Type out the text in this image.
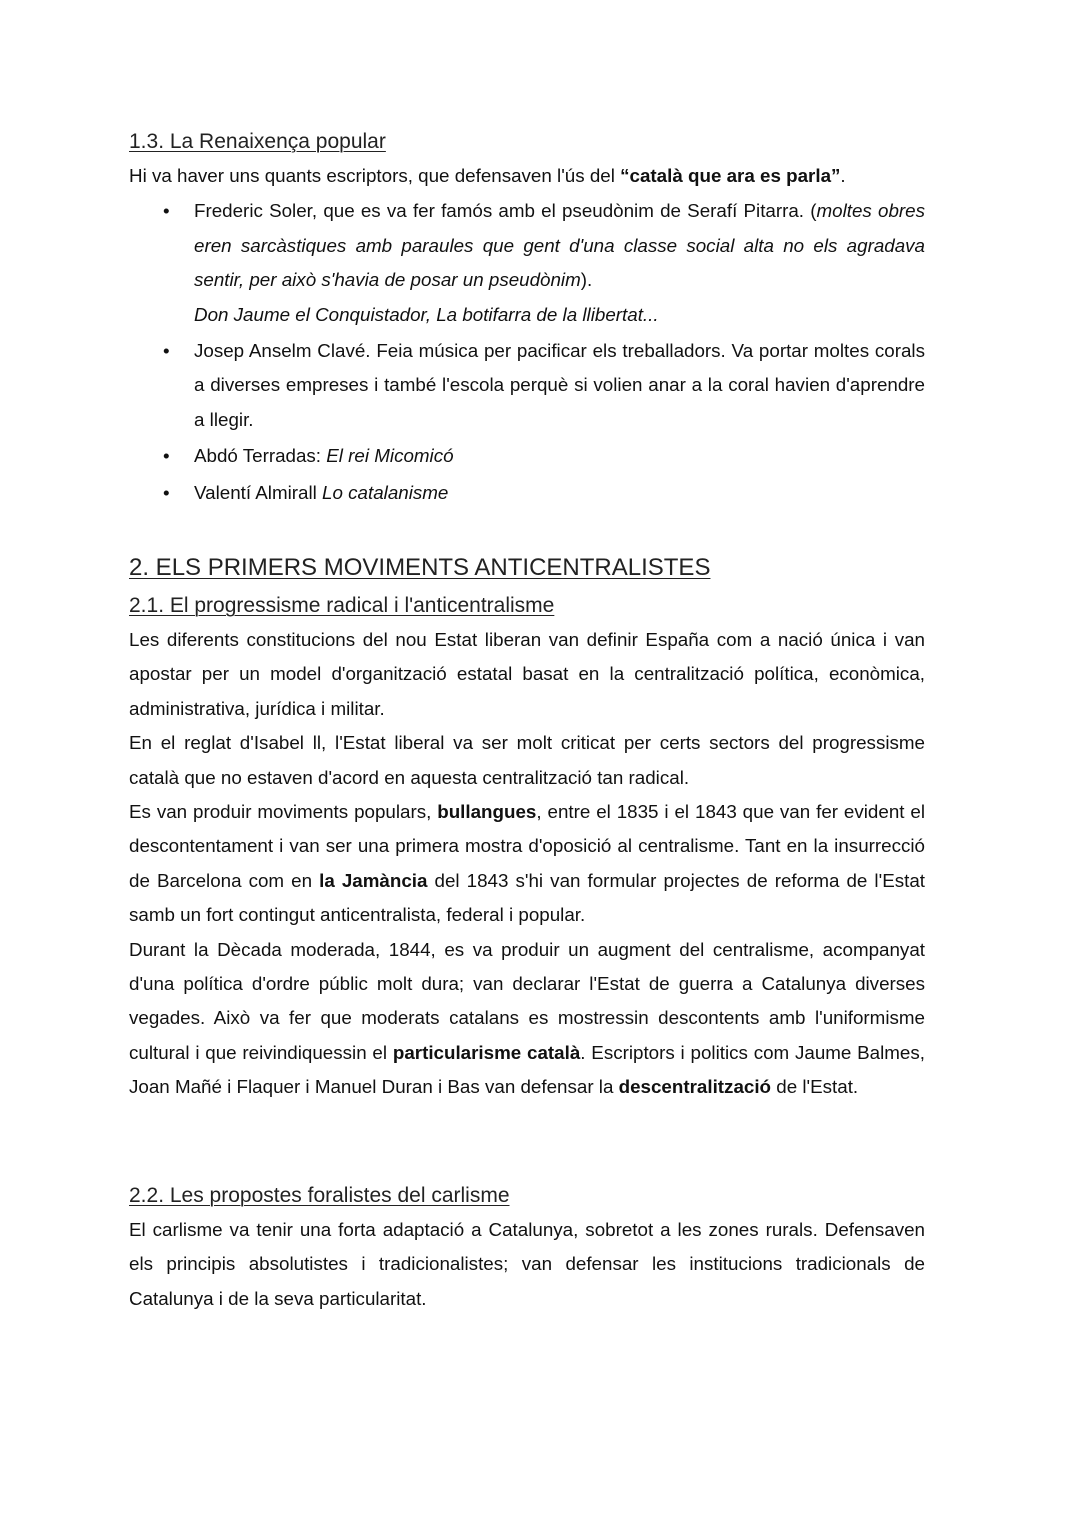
1.3. La Renaixença popular

Hi va haver uns quants escriptors, que defensaven l'ús del “català que ara es parla”.

• Frederic Soler, que es va fer famós amb el pseudònim de Serafí Pitarra. (moltes obres eren sarcàstiques amb paraules que gent d'una classe social alta no els agradava sentir, per això s'havia de posar un pseudònim).
Don Jaume el Conquistador, La botifarra de la llibertat...
• Josep Anselm Clavé. Feia música per pacificar els treballadors. Va portar moltes corals a diverses empreses i també l'escola perquè si volien anar a la coral havien d'aprendre a llegir.
• Abdó Terradas: El rei Micomicó
• Valentí Almirall Lo catalanisme
2. ELS PRIMERS MOVIMENTS ANTICENTRALISTES
2.1. El progressisme radical i l'anticentralisme

Les diferents constitucions del nou Estat liberan van definir España com a nació única i van apostar per un model d'organització estatal basat en la centralització política, econòmica, administrativa, jurídica i militar.

En el reglat d'Isabel ll, l'Estat liberal va ser molt criticat per certs sectors del progressisme català que no estaven d'acord en aquesta centralització tan radical.

Es van produir moviments populars, bullangues, entre el 1835 i el 1843 que van fer evident el descontentament i van ser una primera mostra d'oposició al centralisme. Tant en la insurrecció de Barcelona com en la Jamància del 1843 s'hi van formular projectes de reforma de l'Estat samb un fort contingut anticentralista, federal i popular.

Durant la Dècada moderada, 1844, es va produir un augment del centralisme, acompanyat d'una política d'ordre públic molt dura; van declarar l'Estat de guerra a Catalunya diverses vegades. Això va fer que moderats catalans es mostressin descontents amb l'uniformisme cultural i que reivindiquessin el particularisme català. Escriptors i politics com Jaume Balmes, Joan Mañé i Flaquer i Manuel Duran i Bas van defensar la descentralització de l'Estat.

2.2. Les propostes foralistes del carlisme

El carlisme va tenir una forta adaptació a Catalunya, sobretot a les zones rurals. Defensaven els principis absolutistes i tradicionalistes; van defensar les institucions tradicionals de Catalunya i de la seva particularitat.
